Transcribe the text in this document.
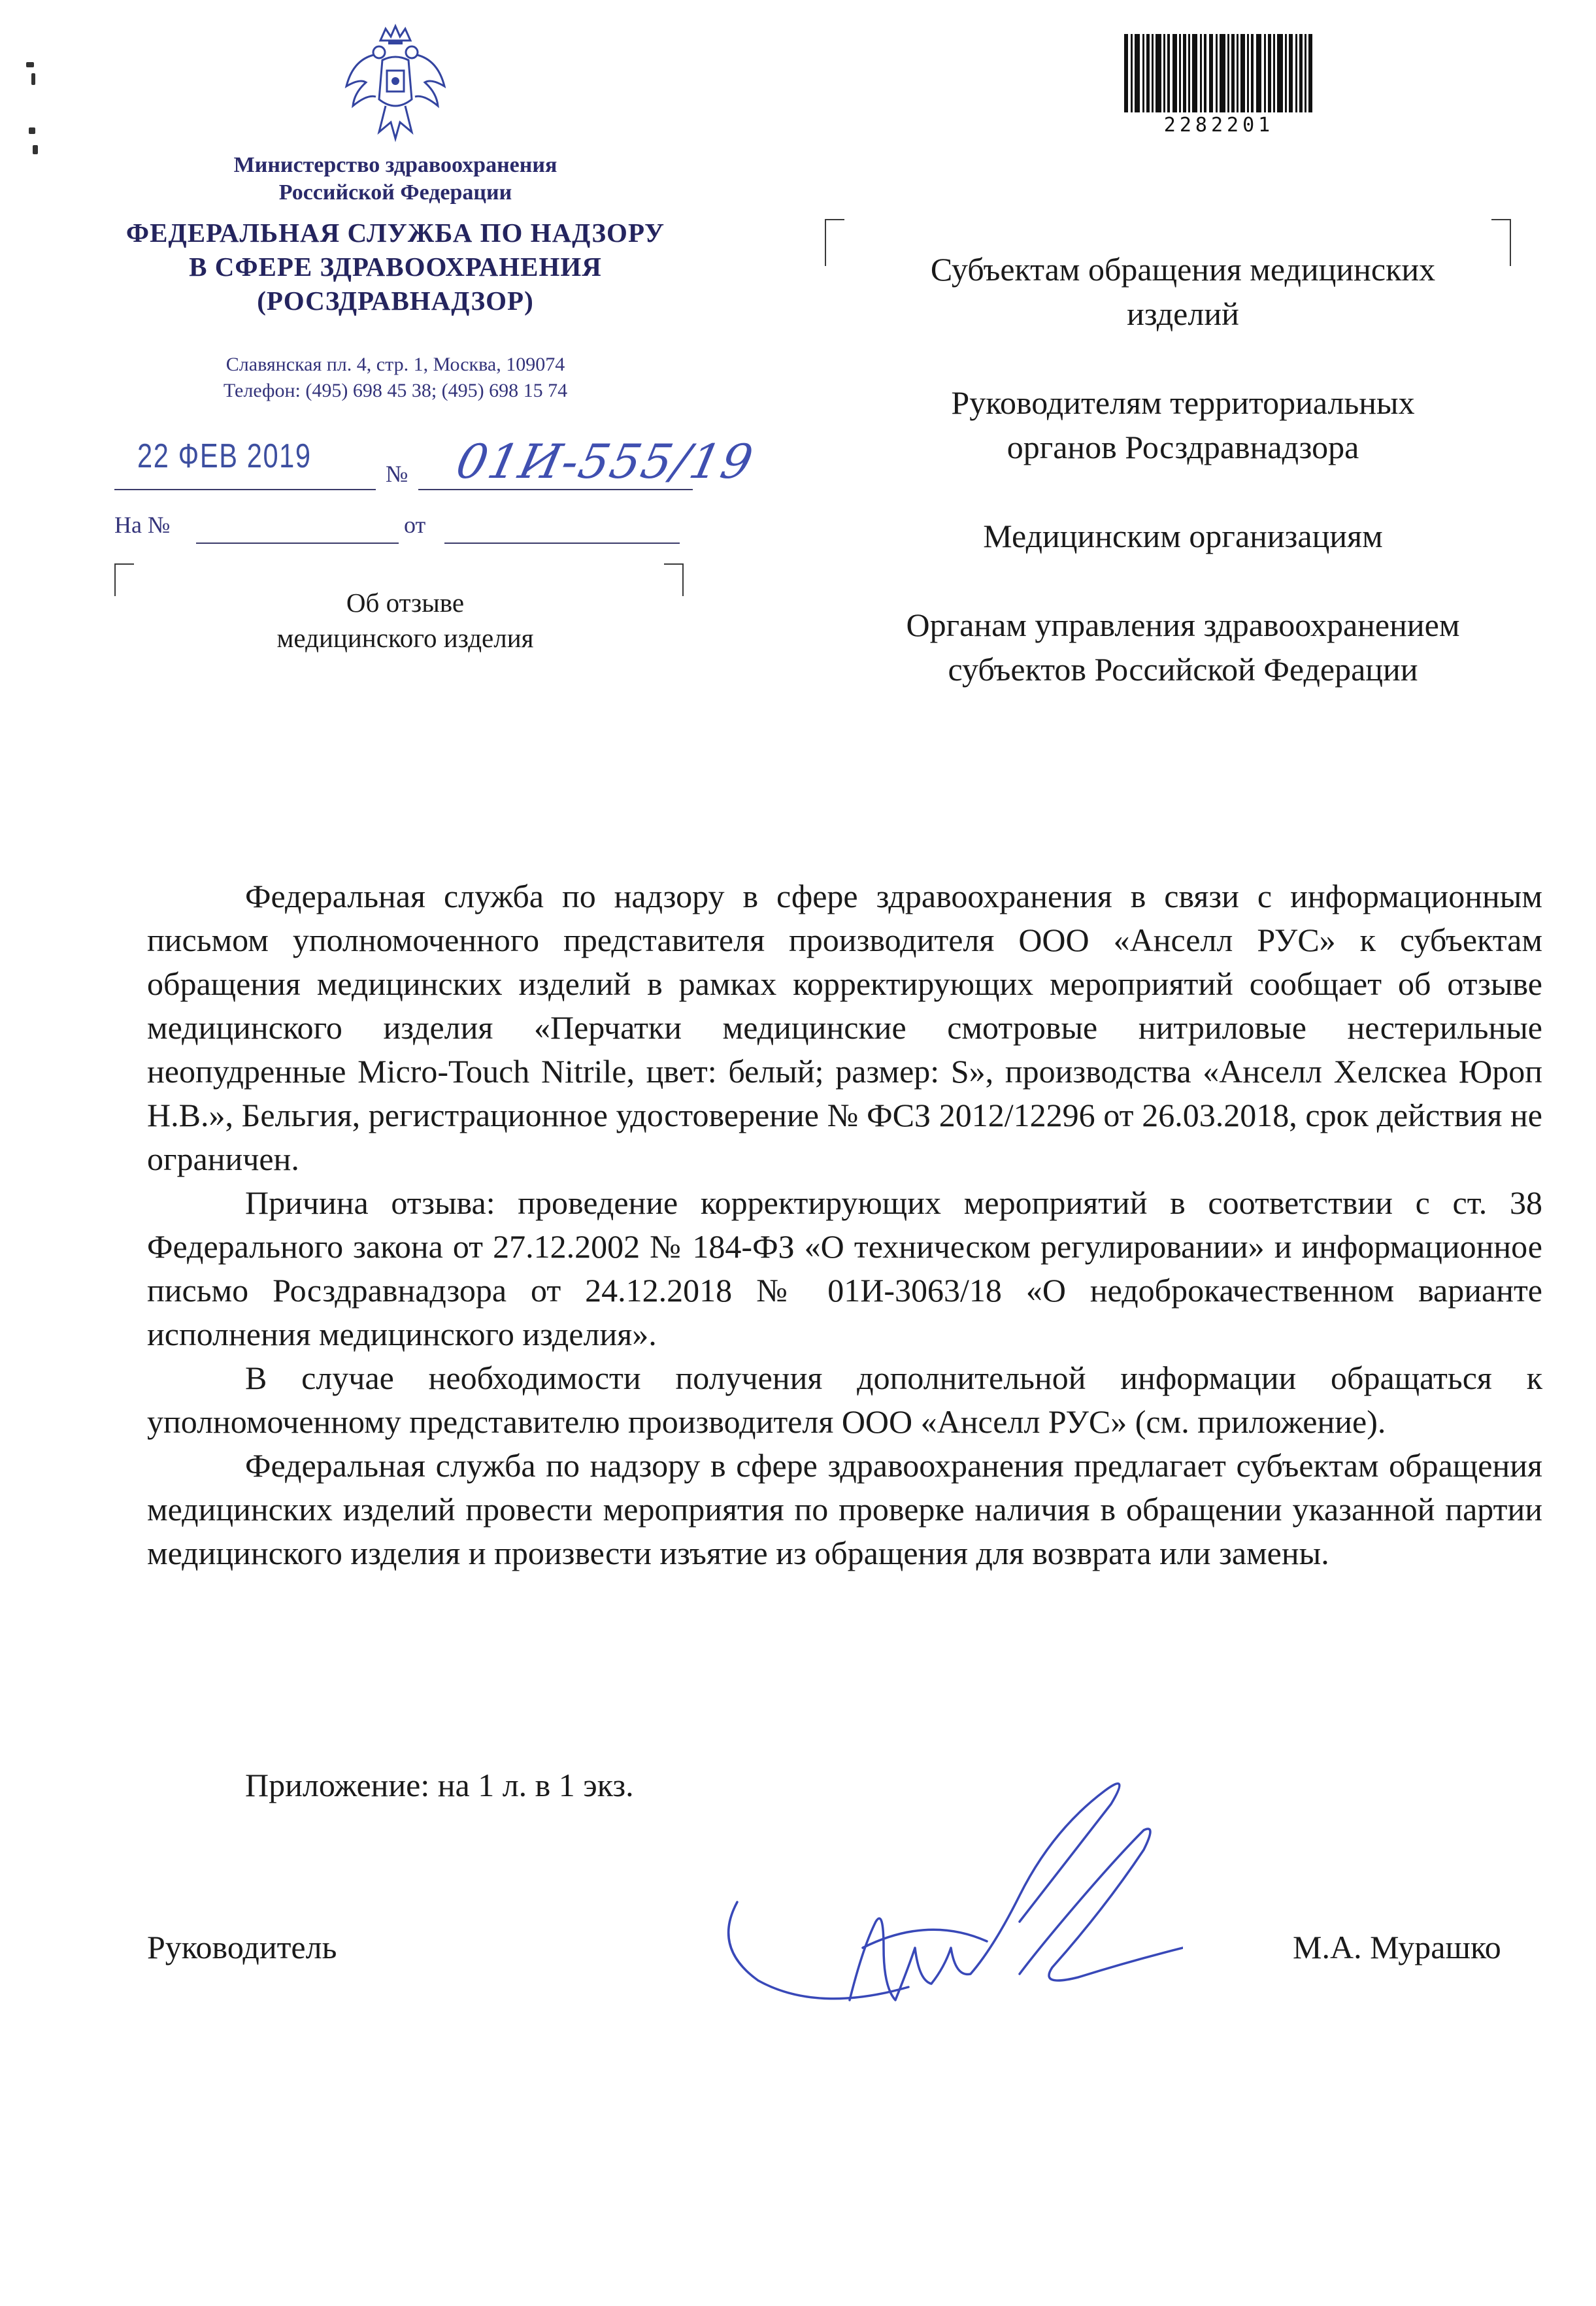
Министерство здравоохранения
Российской Федерации
ФЕДЕРАЛЬНАЯ СЛУЖБА ПО НАДЗОРУ
В СФЕРЕ ЗДРАВООХРАНЕНИЯ
(РОСЗДРАВНАДЗОР)
Славянская пл. 4, стр. 1, Москва, 109074
Телефон: (495) 698 45 38; (495) 698 15 74
22 ФЕВ 2019	№ 01И-555/19
На №	от
Об отзыве
медицинского изделия
2282201
Субъектам обращения медицинских изделий
Руководителям территориальных органов Росздравнадзора
Медицинским организациям
Органам управления здравоохранением субъектов Российской Федерации

Федеральная служба по надзору в сфере здравоохранения в связи с информационным письмом уполномоченного представителя производителя ООО «Анселл РУС» к субъектам обращения медицинских изделий в рамках корректирующих мероприятий сообщает об отзыве медицинского изделия «Перчатки медицинские смотровые нитриловые нестерильные неопудренные Micro-Touch Nitrile, цвет: белый; размер: S», производства «Анселл Хелскеа Юроп Н.В.», Бельгия, регистрационное удостоверение № ФСЗ 2012/12296 от 26.03.2018, срок действия не ограничен.

Причина отзыва: проведение корректирующих мероприятий в соответствии с ст. 38 Федерального закона от 27.12.2002 № 184-ФЗ «О техническом регулировании» и информационное письмо Росздравнадзора от 24.12.2018 № 01И-3063/18 «О недоброкачественном варианте исполнения медицинского изделия».

В случае необходимости получения дополнительной информации обращаться к уполномоченному представителю производителя ООО «Анселл РУС» (см. приложение).

Федеральная служба по надзору в сфере здравоохранения предлагает субъектам обращения медицинских изделий провести мероприятия по проверке наличия в обращении указанной партии медицинского изделия и произвести изъятие из обращения для возврата или замены.

Приложение: на 1 л. в 1 экз.
Руководитель	М.А. Мурашко
